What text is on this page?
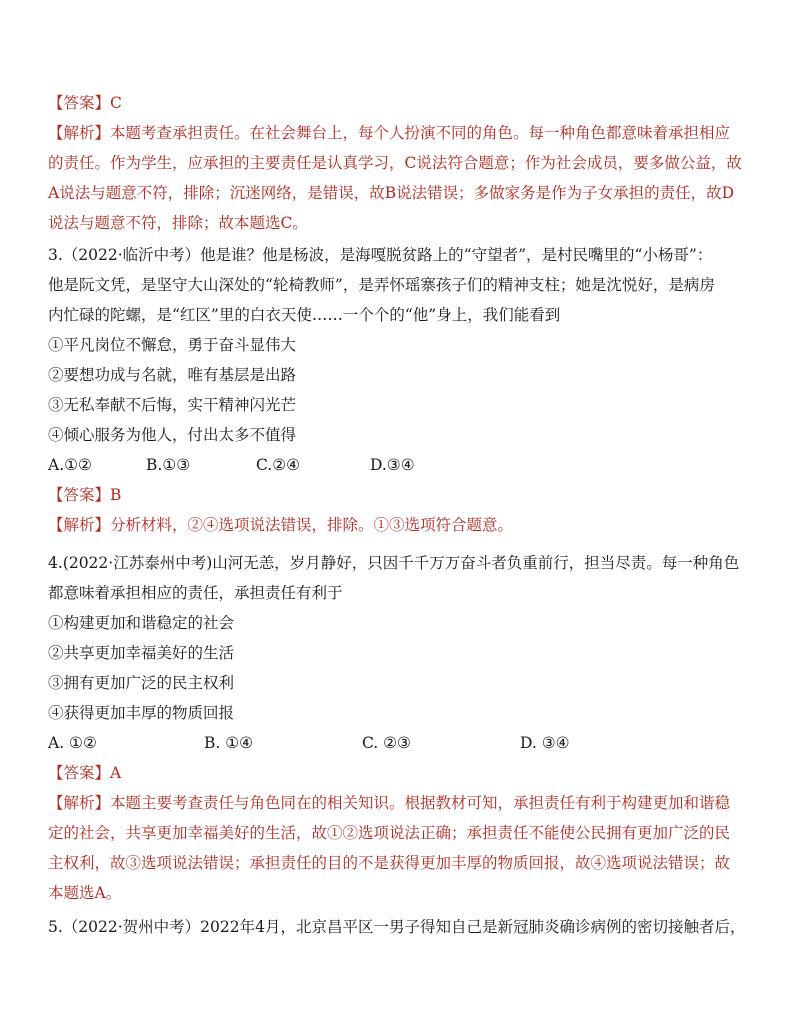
【答案】C
【解析】本题考查承担责任。在社会舞台上，每个人扮演不同的角色。每一种角色都意味着承担相应
的责任。作为学生，应承担的主要责任是认真学习，C说法符合题意；作为社会成员，要多做公益，故
A说法与题意不符，排除；沉迷网络，是错误，故B说法错误；多做家务是作为子女承担的责任，故D
说法与题意不符，排除；故本题选C。
3.（2022·临沂中考）他是谁？他是杨波，是海嘎脱贫路上的“守望者”，是村民嘴里的“小杨哥”：
他是阮文凭，是坚守大山深处的“轮椅教师”，是弄怀瑶寨孩子们的精神支柱；她是沈悦好，是病房
内忙碌的陀螺，是“红区”里的白衣天使……一个个的“他”身上，我们能看到
①平凡岗位不懈怠，勇于奋斗显伟大
②要想功成与名就，唯有基层是出路
③无私奉献不后悔，实干精神闪光芒
④倾心服务为他人，付出太多不值得
A.①②	B.①③	C.②④	D.③④
【答案】B
【解析】分析材料，②④选项说法错误，排除。①③选项符合题意。
4.(2022·江苏泰州中考)山河无恙，岁月静好，只因千千万万奋斗者负重前行，担当尽责。每一种角色
都意味着承担相应的责任，承担责任有利于
①构建更加和谐稳定的社会
②共享更加幸福美好的生活
③拥有更加广泛的民主权利
④获得更加丰厚的物质回报
A. ①②	B. ①④	C. ②③	D. ③④
【答案】A
【解析】本题主要考查责任与角色同在的相关知识。根据教材可知，承担责任有利于构建更加和谐稳
定的社会，共享更加幸福美好的生活，故①②选项说法正确；承担责任不能使公民拥有更加广泛的民
主权利，故③选项说法错误；承担责任的目的不是获得更加丰厚的物质回报，故④选项说法错误；故
本题选A。
5.（2022·贺州中考）2022年4月，北京昌平区一男子得知自己是新冠肺炎确诊病例的密切接触者后，
